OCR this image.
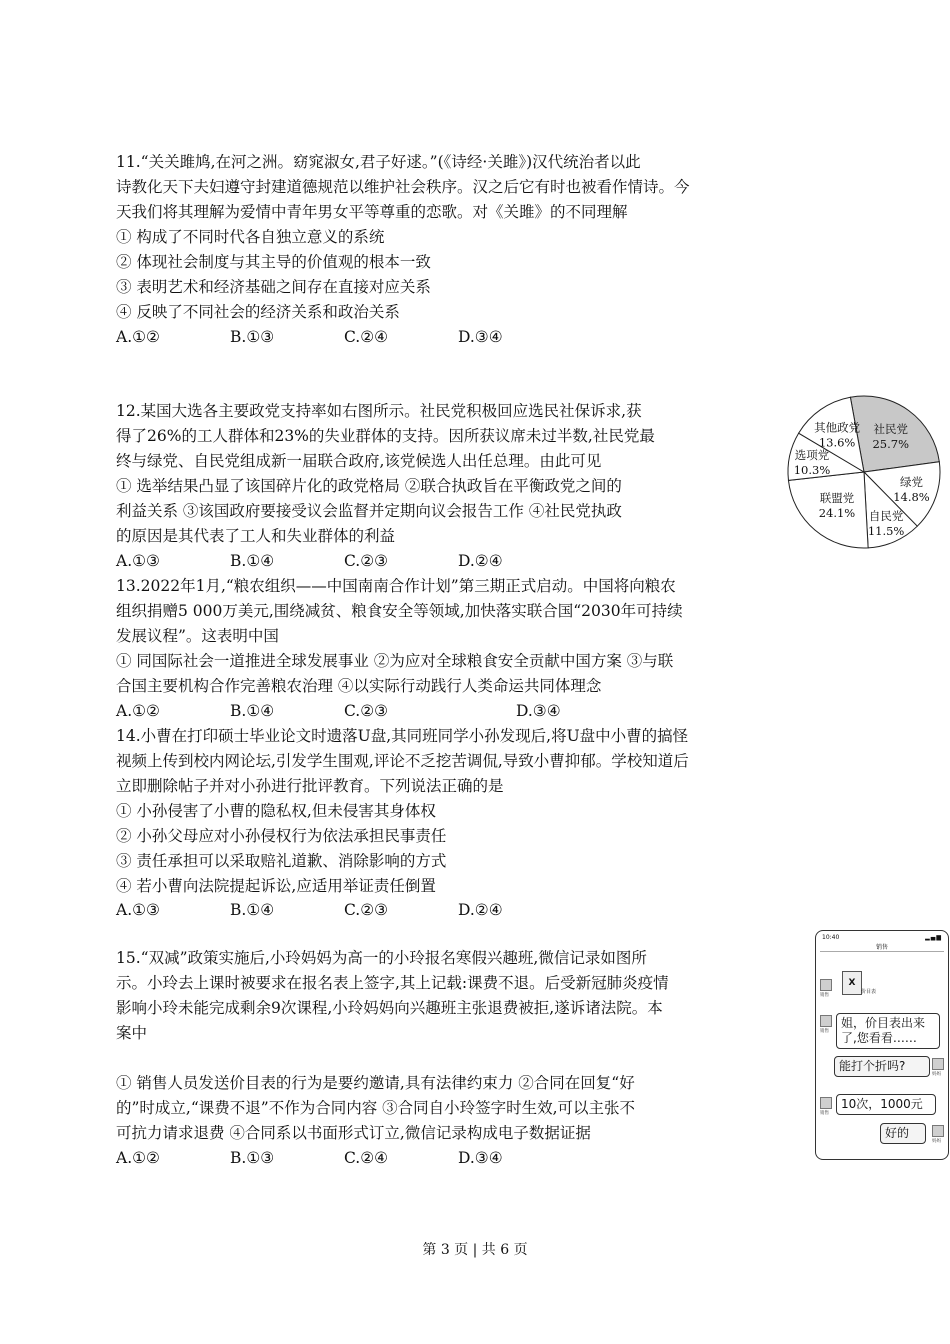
11.“关关雎鸠,在河之洲。窈窕淑女,君子好逑。”(《诗经·关雎》)汉代统治者以此
诗教化天下夫妇遵守封建道德规范以维护社会秩序。汉之后它有时也被看作情诗。今
天我们将其理解为爱情中青年男女平等尊重的恋歌。对《关雎》的不同理解
① 构成了不同时代各自独立意义的系统
② 体现社会制度与其主导的价值观的根本一致
③ 表明艺术和经济基础之间存在直接对应关系
④ 反映了不同社会的经济关系和政治关系
A.①②	B.①③	C.②④	D.③④
12.某国大选各主要政党支持率如右图所示。社民党积极回应选民社保诉求,获
得了26%的工人群体和23%的失业群体的支持。因所获议席未过半数,社民党最
终与绿党、自民党组成新一届联合政府,该党候选人出任总理。由此可见
① 选举结果凸显了该国碎片化的政党格局 ②联合执政旨在平衡政党之间的
利益关系 ③该国政府要接受议会监督并定期向议会报告工作 ④社民党执政
的原因是其代表了工人和失业群体的利益
A.①③	B.①④	C.②③	D.②④
社民党
25.7%
绿党
14.8%
自民党
11.5%
联盟党
24.1%
选项党
10.3%
其他政党
13.6%
13.2022年1月,“粮农组织——中国南南合作计划”第三期正式启动。中国将向粮农
组织捐赠5 000万美元,围绕减贫、粮食安全等领域,加快落实联合国“2030年可持续
发展议程”。这表明中国
① 同国际社会一道推进全球发展事业 ②为应对全球粮食安全贡献中国方案 ③与联
合国主要机构合作完善粮农治理 ④以实际行动践行人类命运共同体理念
A.①②	B.①④	C.②③	D.③④
14.小曹在打印硕士毕业论文时遗落U盘,其同班同学小孙发现后,将U盘中小曹的搞怪
视频上传到校内网论坛,引发学生围观,评论不乏挖苦调侃,导致小曹抑郁。学校知道后
立即删除帖子并对小孙进行批评教育。下列说法正确的是
① 小孙侵害了小曹的隐私权,但未侵害其身体权
② 小孙父母应对小孙侵权行为依法承担民事责任
③ 责任承担可以采取赔礼道歉、消除影响的方式
④ 若小曹向法院提起诉讼,应适用举证责任倒置
A.①③	B.①④	C.②③	D.②④
15.“双减”政策实施后,小玲妈妈为高一的小玲报名寒假兴趣班,微信记录如图所
示。小玲去上课时被要求在报名表上签字,其上记载:课费不退。后受新冠肺炎疫情
影响小玲未能完成剩余9次课程,小玲妈妈向兴趣班主张退费被拒,遂诉诸法院。本
案中
① 销售人员发送价目表的行为是要约邀请,具有法律约束力 ②合同在回复“好
的”时成立,“课费不退”不作为合同内容 ③合同自小玲签字时生效,可以主张不
可抗力请求退费 ④合同系以书面形式订立,微信记录构成电子数据证据
A.①②	B.①③	C.②④	D.③④
10:40	▂▄▆
销售
销售
X
价目表
销售
姐，价目表出来
了,您看看……
能打个折吗?
妈妈
销售
10次，1000元
好的
妈妈
第 3 页 | 共 6 页
